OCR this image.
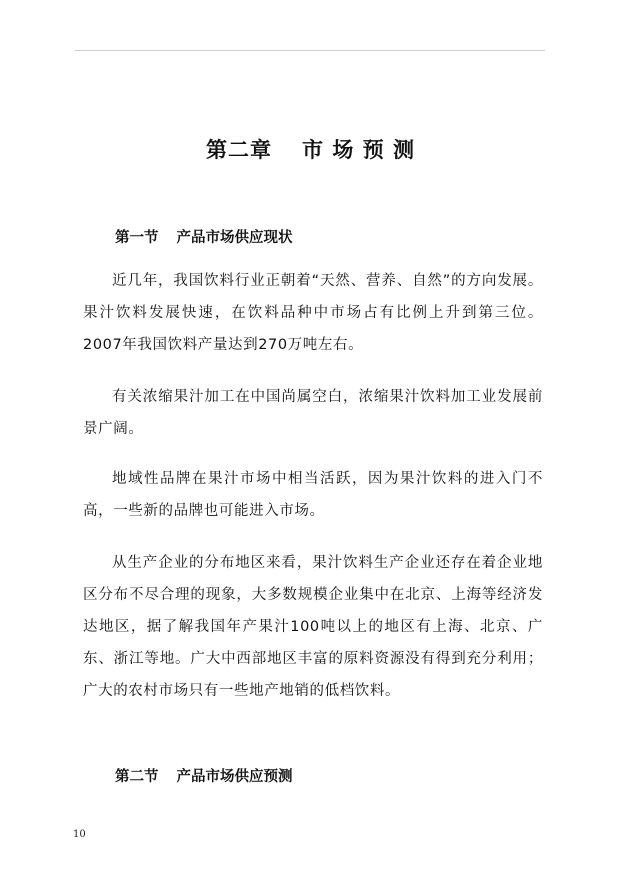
第二章 市 场 预 测
第一节 产品市场供应现状

近几年，我国饮料行业正朝着“天然、营养、自然”的方向发展。果汁饮料发展快速，在饮料品种中市场占有比例上升到第三位。2007年我国饮料产量达到270万吨左右。

有关浓缩果汁加工在中国尚属空白，浓缩果汁饮料加工业发展前景广阔。

地域性品牌在果汁市场中相当活跃，因为果汁饮料的进入门不高，一些新的品牌也可能进入市场。

从生产企业的分布地区来看，果汁饮料生产企业还存在着企业地区分布不尽合理的现象，大多数规模企业集中在北京、上海等经济发达地区，据了解我国年产果汁100吨以上的地区有上海、北京、广东、浙江等地。广大中西部地区丰富的原料资源没有得到充分利用；广大的农村市场只有一些地产地销的低档饮料。

第二节 产品市场供应预测
10
